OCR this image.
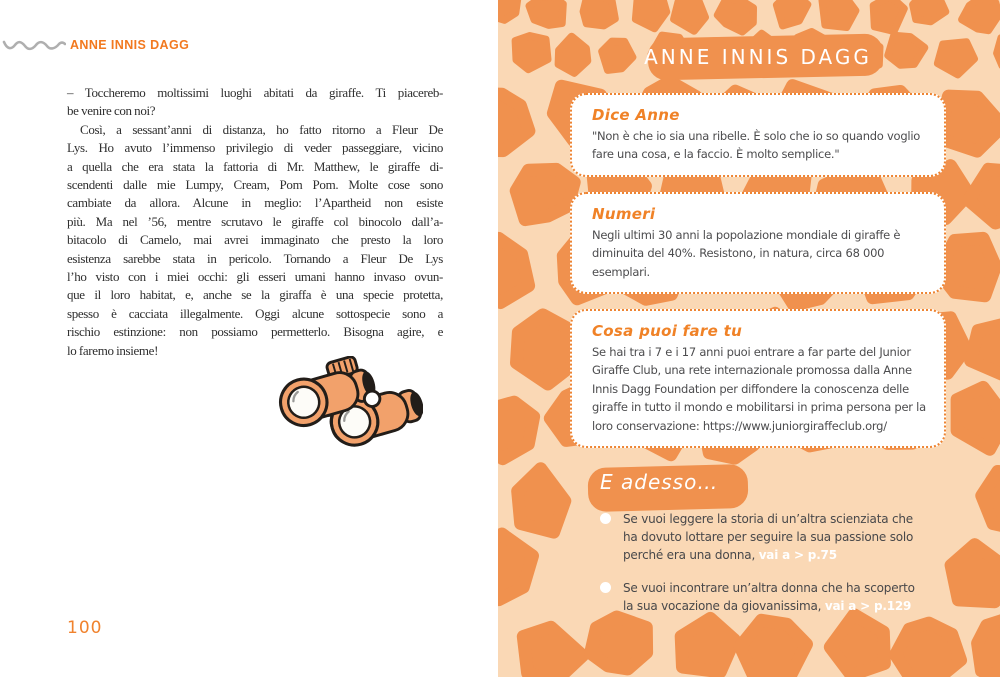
ANNE INNIS DAGG
– Toccheremo moltissimi luoghi abitati da giraffe. Ti piacereb-
be venire con noi?
Così, a sessant’anni di distanza, ho fatto ritorno a Fleur De
Lys. Ho avuto l’immenso privilegio di veder passeggiare, vicino
a quella che era stata la fattoria di Mr. Matthew, le giraffe di-
scendenti dalle mie Lumpy, Cream, Pom Pom. Molte cose sono
cambiate da allora. Alcune in meglio: l’Apartheid non esiste
più. Ma nel ’56, mentre scrutavo le giraffe col binocolo dall’a-
bitacolo di Camelo, mai avrei immaginato che presto la loro
esistenza sarebbe stata in pericolo. Tornando a Fleur De Lys
l’ho visto con i miei occhi: gli esseri umani hanno invaso ovun-
que il loro habitat, e, anche se la giraffa è una specie protetta,
spesso è cacciata illegalmente. Oggi alcune sottospecie sono a
rischio estinzione: non possiamo permetterlo. Bisogna agire, e
lo faremo insieme!
100
ANNE INNIS DAGG
Dice Anne
"Non è che io sia una ribelle. È solo che io so quando voglio fare una cosa, e la faccio. È molto semplice."
Numeri
Negli ultimi 30 anni la popolazione mondiale di giraffe è diminuita del 40%. Resistono, in natura, circa 68 000 esemplari.
Cosa puoi fare tu
Se hai tra i 7 e i 17 anni puoi entrare a far parte del Junior Giraffe Club, una rete internazionale promossa dalla Anne Innis Dagg Foundation per diffondere la conoscenza delle giraffe in tutto il mondo e mobilitarsi in prima persona per la loro conservazione: https://www.juniorgiraffeclub.org/
E adesso…
Se vuoi leggere la storia di un’altra scienziata che ha dovuto lottare per seguire la sua passione solo perché era una donna, vai a > p.75
Se vuoi incontrare un’altra donna che ha scoperto la sua vocazione da giovanissima, vai a > p.129
